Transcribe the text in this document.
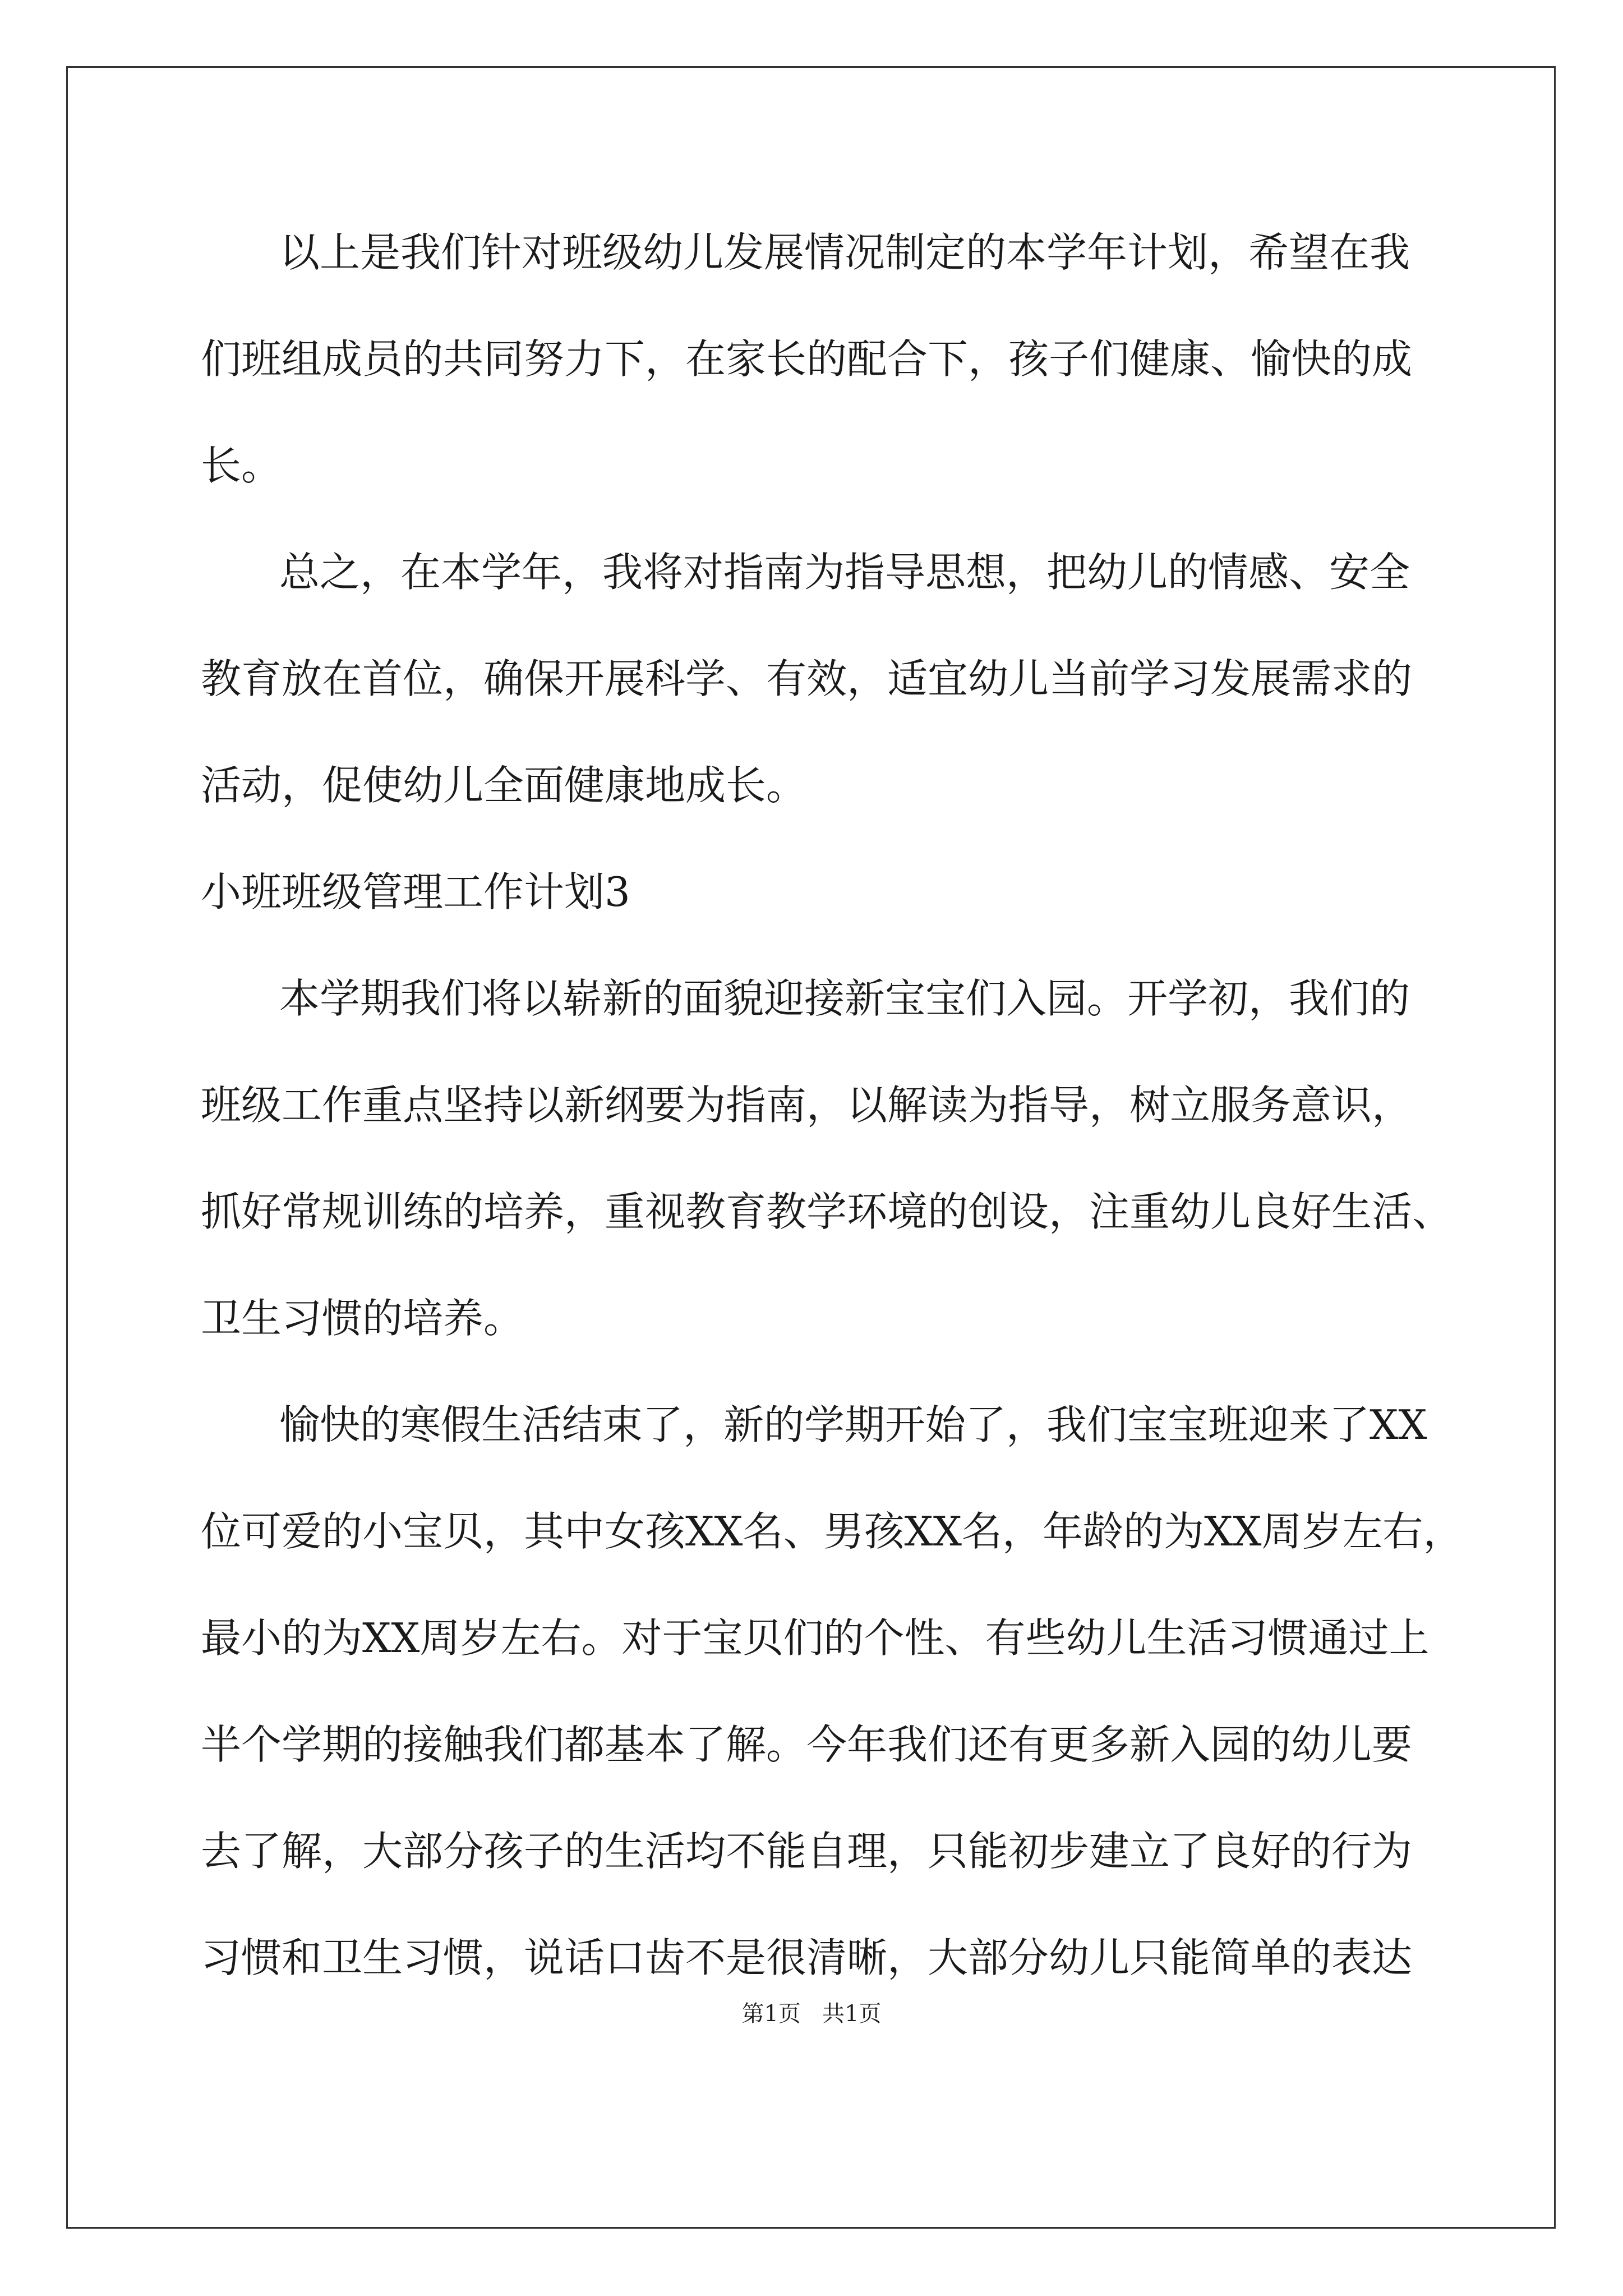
以上是我们针对班级幼儿发展情况制定的本学年计划，希望在我
们班组成员的共同努力下，在家长的配合下，孩子们健康、愉快的成
长。
总之，在本学年，我将对指南为指导思想，把幼儿的情感、安全
教育放在首位，确保开展科学、有效，适宜幼儿当前学习发展需求的
活动，促使幼儿全面健康地成长。
小班班级管理工作计划3
本学期我们将以崭新的面貌迎接新宝宝们入园。开学初，我们的
班级工作重点坚持以新纲要为指南，以解读为指导，树立服务意识，
抓好常规训练的培养，重视教育教学环境的创设，注重幼儿良好生活、
卫生习惯的培养。
愉快的寒假生活结束了，新的学期开始了，我们宝宝班迎来了XX
位可爱的小宝贝，其中女孩XX名、男孩XX名，年龄的为XX周岁左右，
最小的为XX周岁左右。对于宝贝们的个性、有些幼儿生活习惯通过上
半个学期的接触我们都基本了解。今年我们还有更多新入园的幼儿要
去了解，大部分孩子的生活均不能自理，只能初步建立了良好的行为
习惯和卫生习惯，说话口齿不是很清晰，大部分幼儿只能简单的表达
第1页   共1页
